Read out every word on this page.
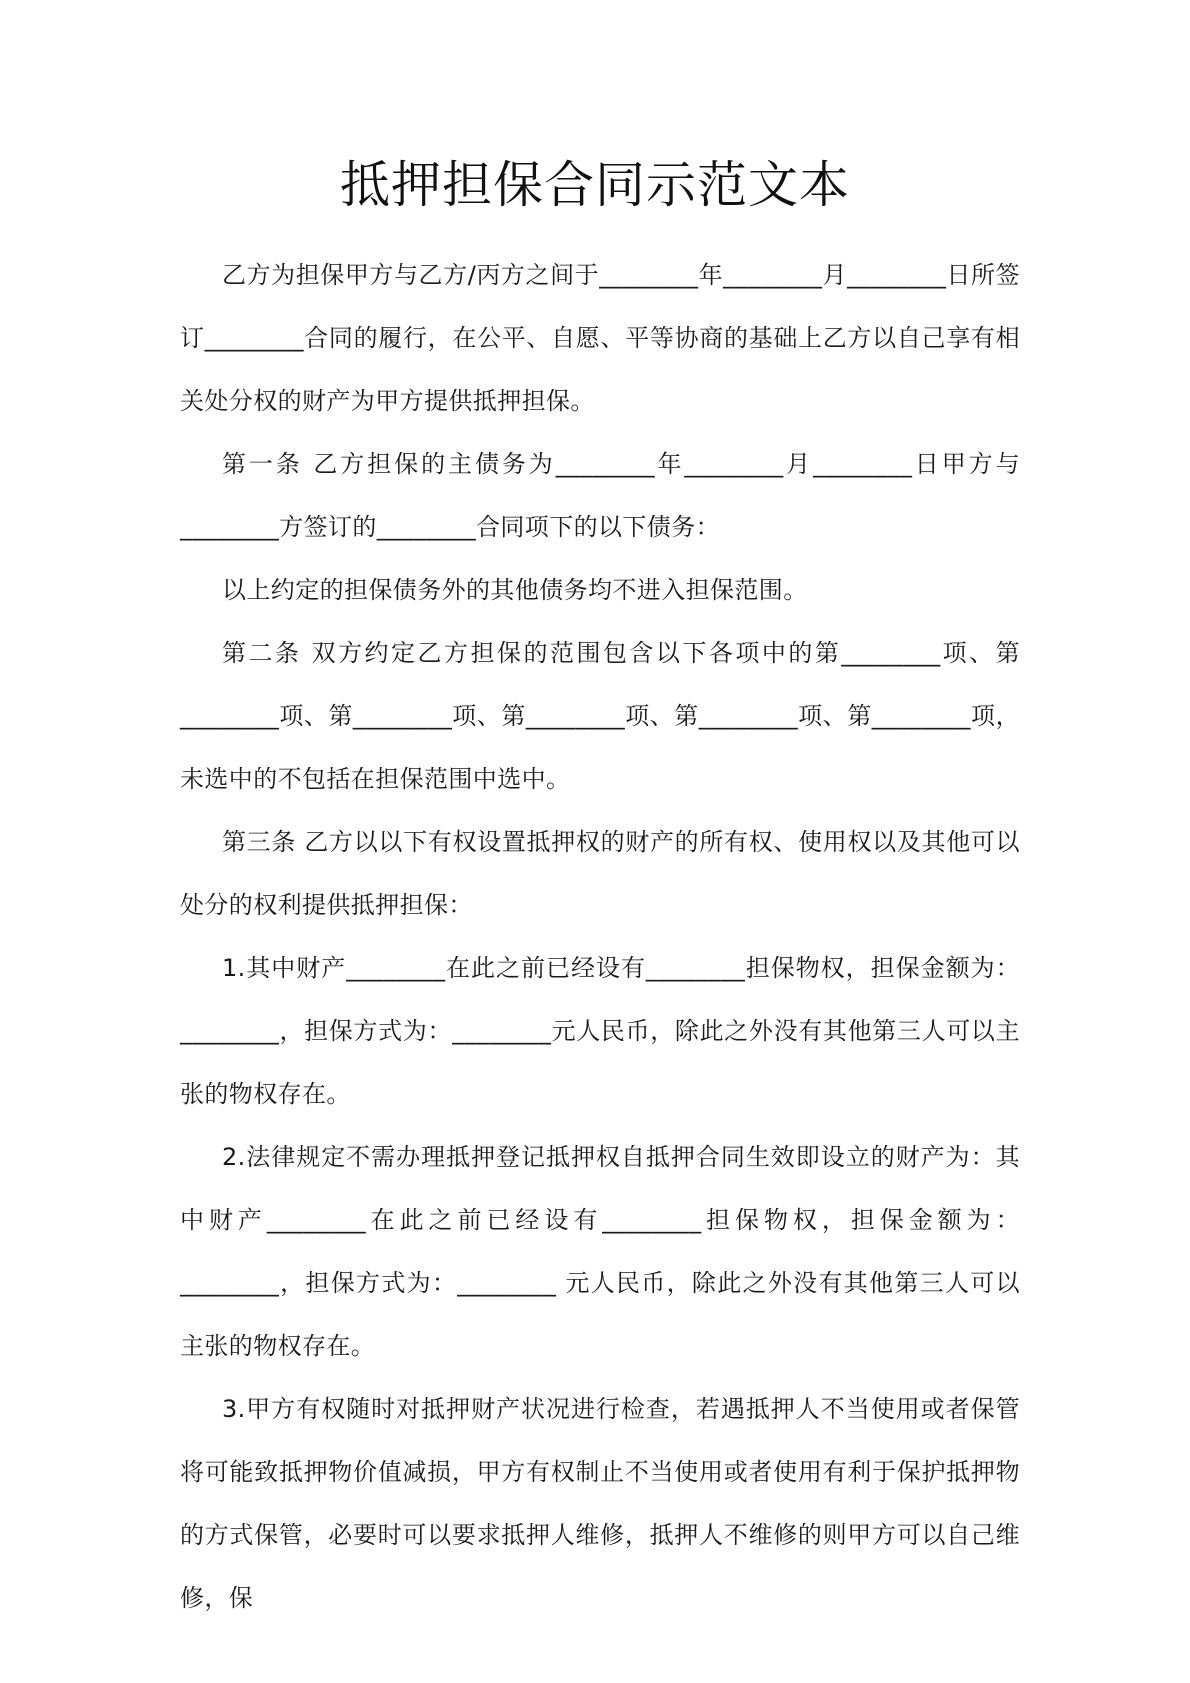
抵押担保合同示范文本

乙方为担保甲方与乙方/丙方之间于________年________月________日所签订________合同的履行，在公平、自愿、平等协商的基础上乙方以自己享有相关处分权的财产为甲方提供抵押担保。

第一条 乙方担保的主债务为________年________月________日甲方与________方签订的________合同项下的以下债务：

以上约定的担保债务外的其他债务均不进入担保范围。

第二条 双方约定乙方担保的范围包含以下各项中的第________项、第________项、第________项、第________项、第________项、第________项，未选中的不包括在担保范围中选中。

第三条 乙方以以下有权设置抵押权的财产的所有权、使用权以及其他可以处分的权利提供抵押担保：

1.其中财产________在此之前已经设有________担保物权，担保金额为：________，担保方式为：________元人民币，除此之外没有其他第三人可以主张的物权存在。

2.法律规定不需办理抵押登记抵押权自抵押合同生效即设立的财产为：其中财产________在此之前已经设有________担保物权，担保金额为：________，担保方式为：________ 元人民币，除此之外没有其他第三人可以主张的物权存在。

3.甲方有权随时对抵押财产状况进行检查，若遇抵押人不当使用或者保管将可能致抵押物价值减损，甲方有权制止不当使用或者使用有利于保护抵押物的方式保管，必要时可以要求抵押人维修，抵押人不维修的则甲方可以自己维修，保
